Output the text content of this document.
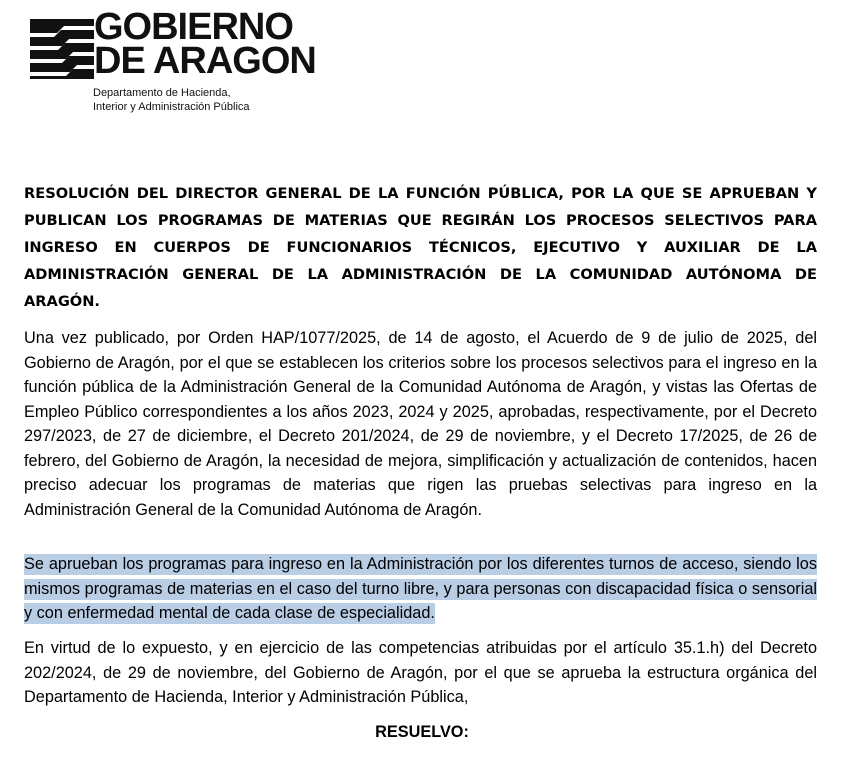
GOBIERNO
DE ARAGON
Departamento de Hacienda,
Interior y Administración Pública
RESOLUCIÓN DEL DIRECTOR GENERAL DE LA FUNCIÓN PÚBLICA, POR LA QUE SE APRUEBAN Y PUBLICAN LOS PROGRAMAS DE MATERIAS QUE REGIRÁN LOS PROCESOS SELECTIVOS PARA INGRESO EN CUERPOS DE FUNCIONARIOS TÉCNICOS, EJECUTIVO Y AUXILIAR DE LA ADMINISTRACIÓN GENERAL DE LA ADMINISTRACIÓN DE LA COMUNIDAD AUTÓNOMA DE ARAGÓN.
Una vez publicado, por Orden HAP/1077/2025, de 14 de agosto, el Acuerdo de 9 de julio de 2025, del Gobierno de Aragón, por el que se establecen los criterios sobre los procesos selectivos para el ingreso en la función pública de la Administración General de la Comunidad Autónoma de Aragón, y vistas las Ofertas de Empleo Público correspondientes a los años 2023, 2024 y 2025, aprobadas, respectivamente, por el Decreto 297/2023, de 27 de diciembre, el Decreto 201/2024, de 29 de noviembre, y el Decreto 17/2025, de 26 de febrero, del Gobierno de Aragón, la necesidad de mejora, simplificación y actualización de contenidos, hacen preciso adecuar los programas de materias que rigen las pruebas selectivas para ingreso en la Administración General de la Comunidad Autónoma de Aragón.
Se aprueban los programas para ingreso en la Administración por los diferentes turnos de acceso, siendo los mismos programas de materias en el caso del turno libre, y para personas con discapacidad física o sensorial y con enfermedad mental de cada clase de especialidad.
En virtud de lo expuesto, y en ejercicio de las competencias atribuidas por el artículo 35.1.h) del Decreto 202/2024, de 29 de noviembre, del Gobierno de Aragón, por el que se aprueba la estructura orgánica del Departamento de Hacienda, Interior y Administración Pública,
RESUELVO:
